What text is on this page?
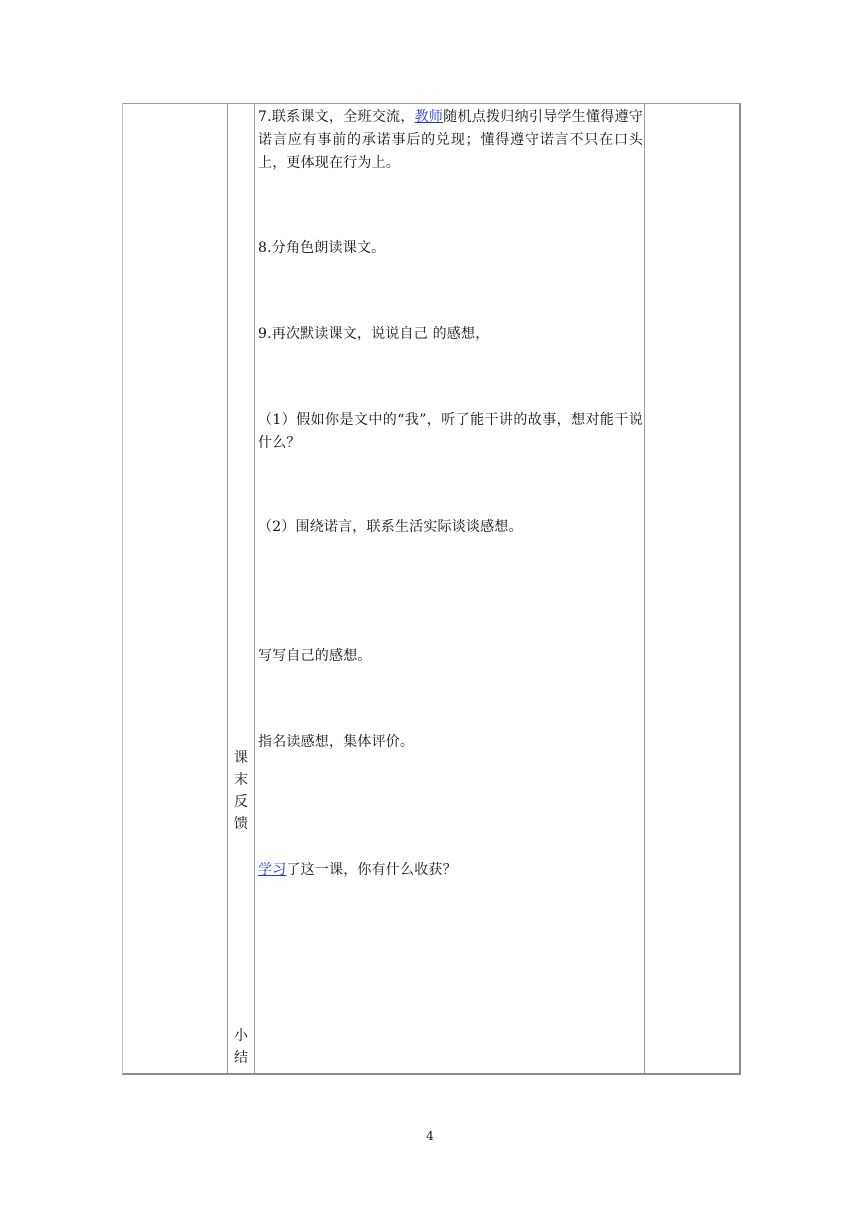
课
末
反
馈
小
结
7.联系课文，全班交流，教师随机点拨归纳引导学生懂得遵守诺言应有事前的承诺事后的兑现；懂得遵守诺言不只在口头上，更体现在行为上。
8.分角色朗读课文。
9.再次默读课文，说说自己 的感想，
（1）假如你是文中的“我”，听了能干讲的故事，想对能干说什么？
（2）围绕诺言，联系生活实际谈谈感想。
写写自己的感想。
指名读感想，集体评价。
学习了这一课，你有什么收获？
4
